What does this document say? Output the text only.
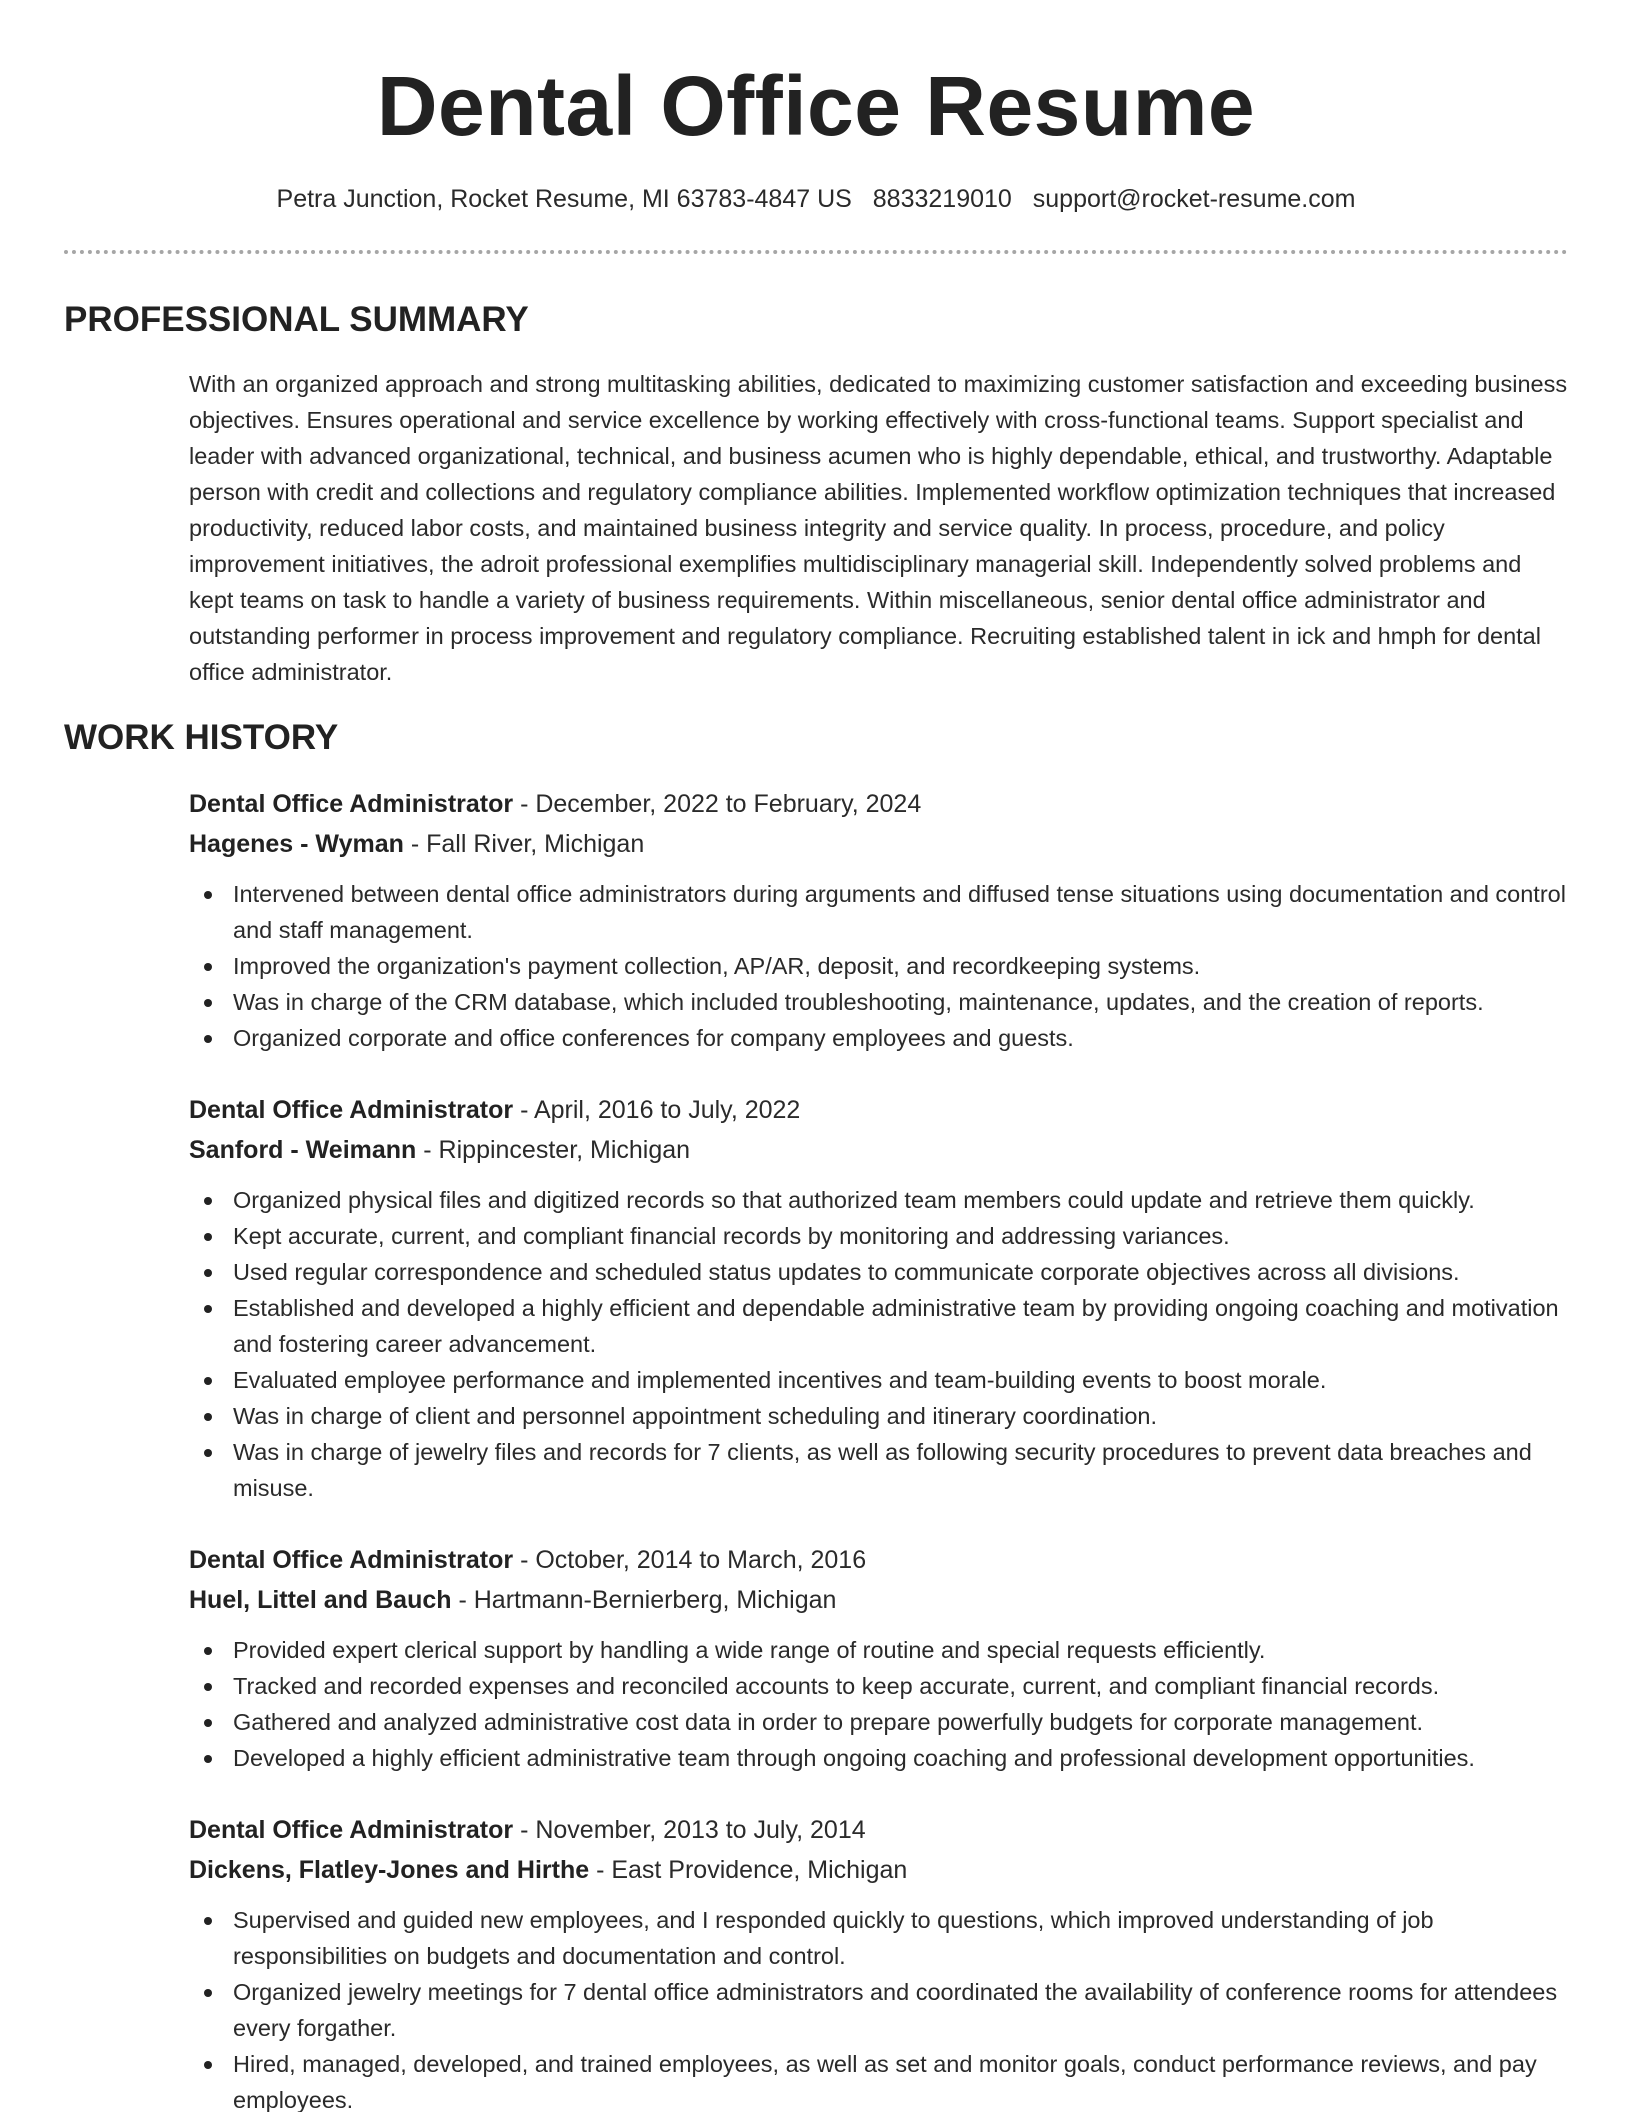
Dental Office Resume
Petra Junction, Rocket Resume, MI 63783-4847 US 8833219010 support@rocket-resume.com
PROFESSIONAL SUMMARY

With an organized approach and strong multitasking abilities, dedicated to maximizing customer satisfaction and exceeding business objectives. Ensures operational and service excellence by working effectively with cross-functional teams. Support specialist and leader with advanced organizational, technical, and business acumen who is highly dependable, ethical, and trustworthy. Adaptable person with credit and collections and regulatory compliance abilities. Implemented workflow optimization techniques that increased productivity, reduced labor costs, and maintained business integrity and service quality. In process, procedure, and policy improvement initiatives, the adroit professional exemplifies multidisciplinary managerial skill. Independently solved problems and kept teams on task to handle a variety of business requirements. Within miscellaneous, senior dental office administrator and outstanding performer in process improvement and regulatory compliance. Recruiting established talent in ick and hmph for dental office administrator.

WORK HISTORY

Dental Office Administrator - December, 2022 to February, 2024

Hagenes - Wyman - Fall River, Michigan

Intervened between dental office administrators during arguments and diffused tense situations using documentation and control and staff management.
Improved the organization's payment collection, AP/AR, deposit, and recordkeeping systems.
Was in charge of the CRM database, which included troubleshooting, maintenance, updates, and the creation of reports.
Organized corporate and office conferences for company employees and guests.

Dental Office Administrator - April, 2016 to July, 2022

Sanford - Weimann - Rippincester, Michigan

Organized physical files and digitized records so that authorized team members could update and retrieve them quickly.
Kept accurate, current, and compliant financial records by monitoring and addressing variances.
Used regular correspondence and scheduled status updates to communicate corporate objectives across all divisions.
Established and developed a highly efficient and dependable administrative team by providing ongoing coaching and motivation and fostering career advancement.
Evaluated employee performance and implemented incentives and team-building events to boost morale.
Was in charge of client and personnel appointment scheduling and itinerary coordination.
Was in charge of jewelry files and records for 7 clients, as well as following security procedures to prevent data breaches and misuse.

Dental Office Administrator - October, 2014 to March, 2016

Huel, Littel and Bauch - Hartmann-Bernierberg, Michigan

Provided expert clerical support by handling a wide range of routine and special requests efficiently.
Tracked and recorded expenses and reconciled accounts to keep accurate, current, and compliant financial records.
Gathered and analyzed administrative cost data in order to prepare powerfully budgets for corporate management.
Developed a highly efficient administrative team through ongoing coaching and professional development opportunities.

Dental Office Administrator - November, 2013 to July, 2014

Dickens, Flatley-Jones and Hirthe - East Providence, Michigan

Supervised and guided new employees, and I responded quickly to questions, which improved understanding of job responsibilities on budgets and documentation and control.
Organized jewelry meetings for 7 dental office administrators and coordinated the availability of conference rooms for attendees every forgather.
Hired, managed, developed, and trained employees, as well as set and monitor goals, conduct performance reviews, and pay employees.
